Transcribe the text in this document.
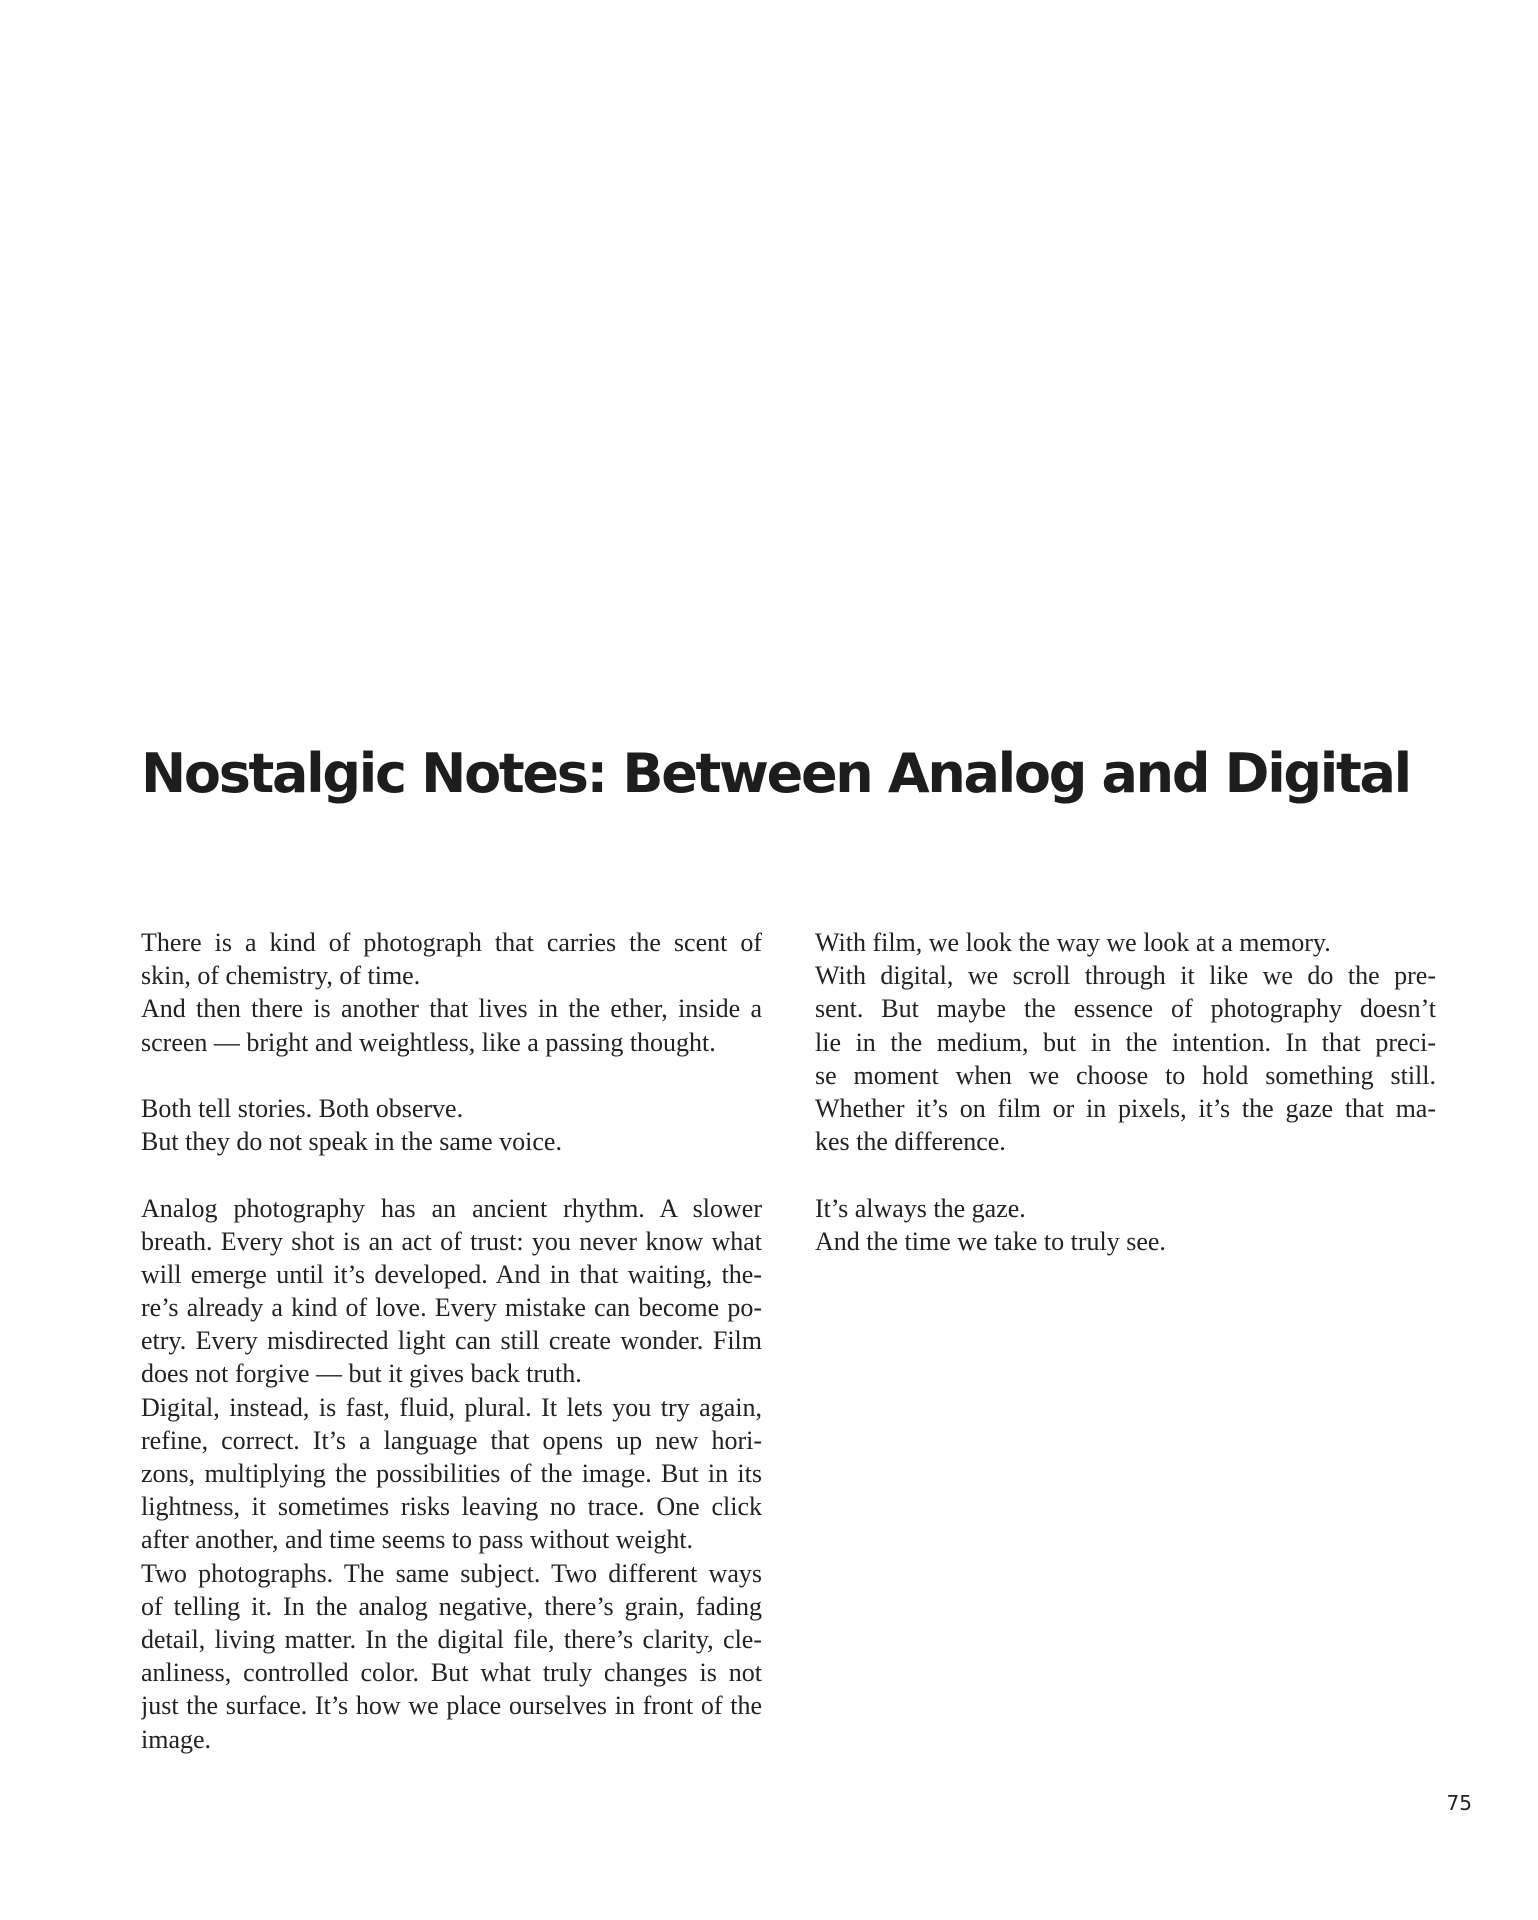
Nostalgic Notes: Between Analog and Digital
There is a kind of photograph that carries the scent of
skin, of chemistry, of time.
And then there is another that lives in the ether, inside a
screen — bright and weightless, like a passing thought.
Both tell stories. Both observe.
But they do not speak in the same voice.
Analog photography has an ancient rhythm. A slower
breath. Every shot is an act of trust: you never know what
will emerge until it’s developed. And in that waiting, the-
re’s already a kind of love. Every mistake can become po-
etry. Every misdirected light can still create wonder. Film
does not forgive — but it gives back truth.
Digital, instead, is fast, fluid, plural. It lets you try again,
refine, correct. It’s a language that opens up new hori-
zons, multiplying the possibilities of the image. But in its
lightness, it sometimes risks leaving no trace. One click
after another, and time seems to pass without weight.
Two photographs. The same subject. Two different ways
of telling it. In the analog negative, there’s grain, fading
detail, living matter. In the digital file, there’s clarity, cle-
anliness, controlled color. But what truly changes is not
just the surface. It’s how we place ourselves in front of the
image.
With film, we look the way we look at a memory.
With digital, we scroll through it like we do the pre-
sent. But maybe the essence of photography doesn’t
lie in the medium, but in the intention. In that preci-
se moment when we choose to hold something still.
Whether it’s on film or in pixels, it’s the gaze that ma-
kes the difference.
It’s always the gaze.
And the time we take to truly see.
75
